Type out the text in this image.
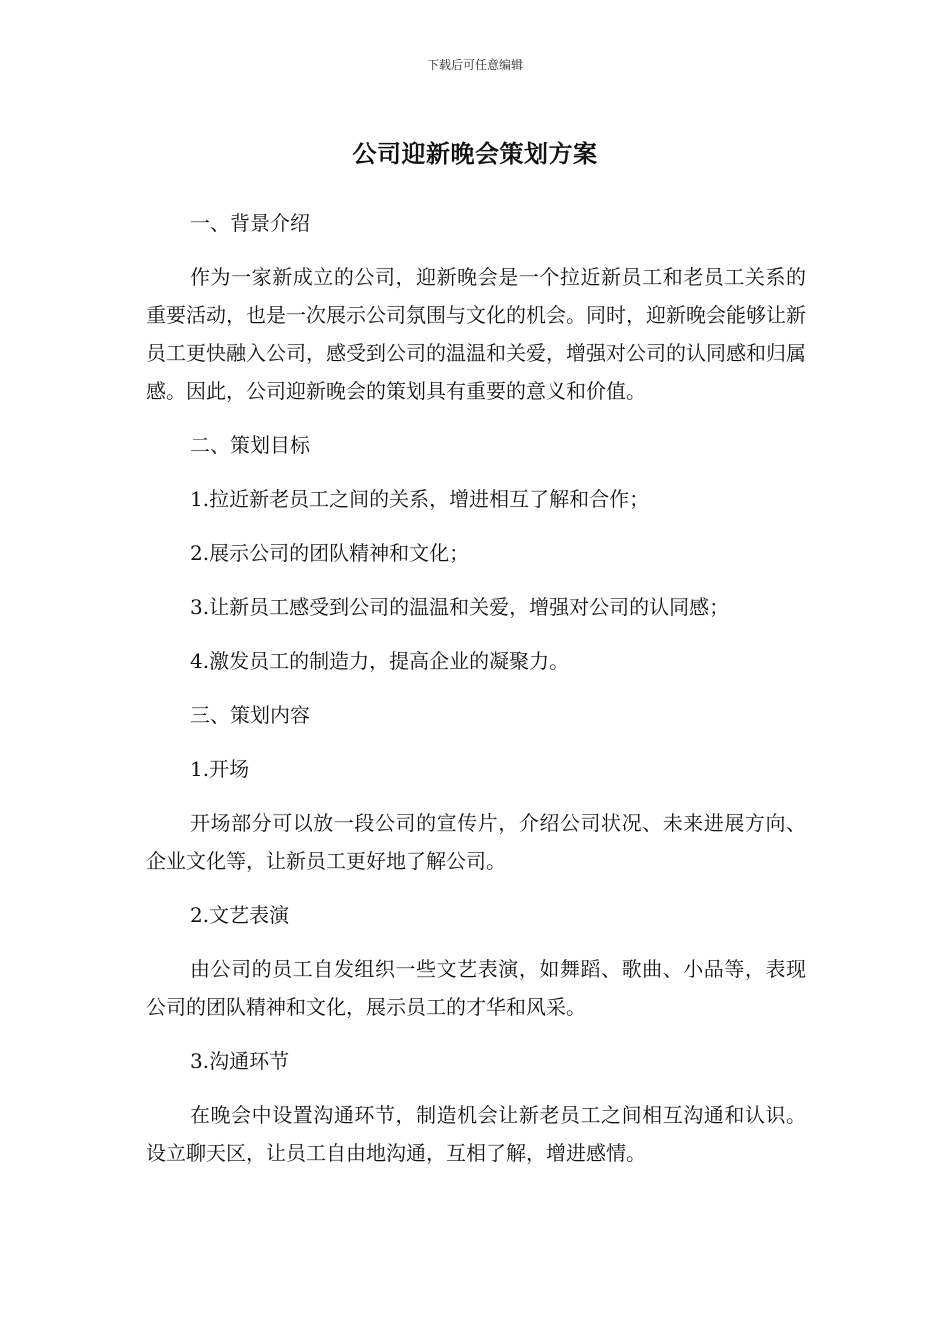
下载后可任意编辑
公司迎新晚会策划方案

一、背景介绍

作为一家新成立的公司，迎新晚会是一个拉近新员工和老员工关系的重要活动，也是一次展示公司氛围与文化的机会。同时，迎新晚会能够让新员工更快融入公司，感受到公司的温温和关爱，增强对公司的认同感和归属感。因此，公司迎新晚会的策划具有重要的意义和价值。

二、策划目标

1.拉近新老员工之间的关系，增进相互了解和合作；

2.展示公司的团队精神和文化；

3.让新员工感受到公司的温温和关爱，增强对公司的认同感；

4.激发员工的制造力，提高企业的凝聚力。

三、策划内容

1.开场

开场部分可以放一段公司的宣传片，介绍公司状况、未来进展方向、企业文化等，让新员工更好地了解公司。

2.文艺表演

由公司的员工自发组织一些文艺表演，如舞蹈、歌曲、小品等，表现公司的团队精神和文化，展示员工的才华和风采。

3.沟通环节

在晚会中设置沟通环节，制造机会让新老员工之间相互沟通和认识。设立聊天区，让员工自由地沟通，互相了解，增进感情。
